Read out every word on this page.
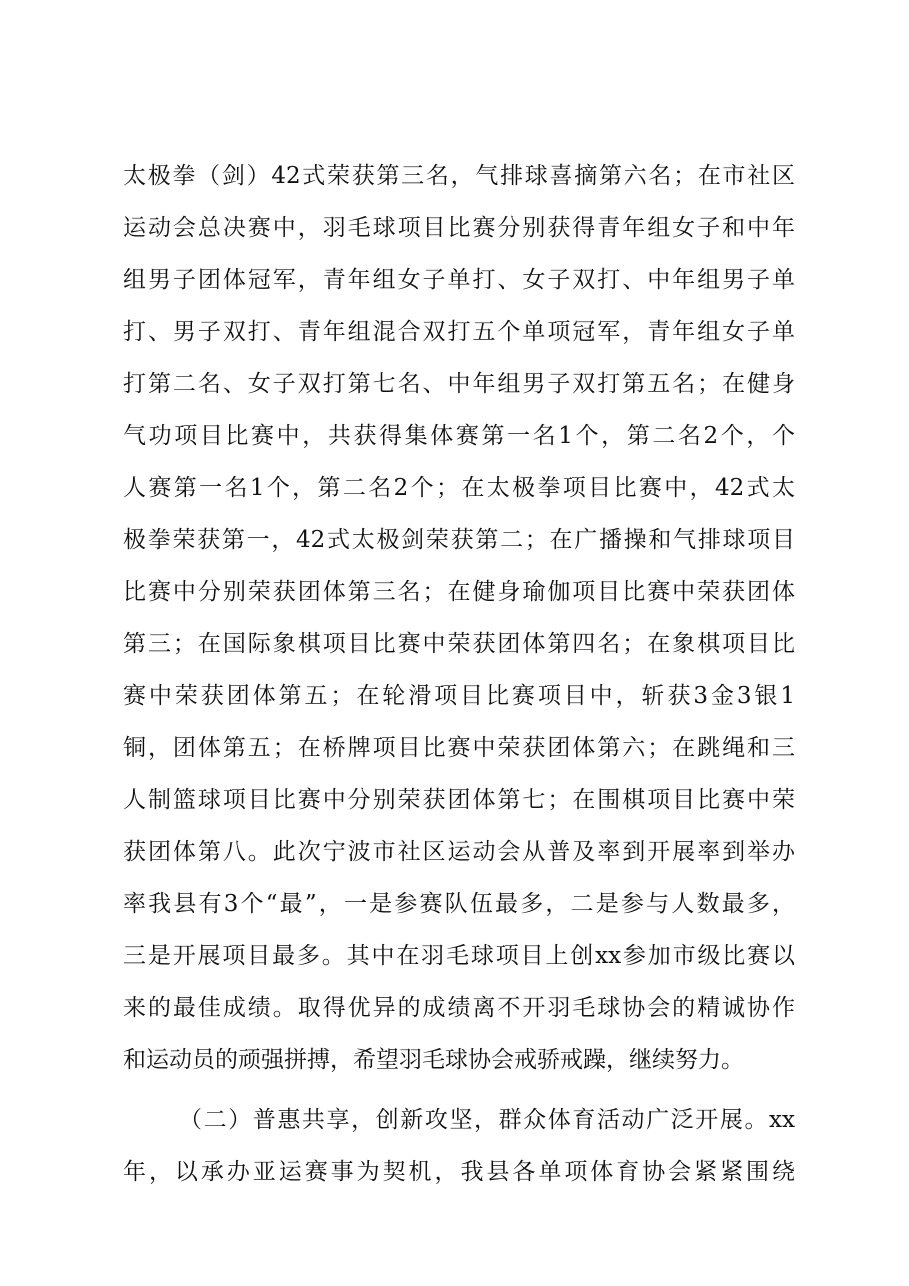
太极拳（剑）42式荣获第三名，气排球喜摘第六名；在市社区
运动会总决赛中，羽毛球项目比赛分别获得青年组女子和中年
组男子团体冠军，青年组女子单打、女子双打、中年组男子单
打、男子双打、青年组混合双打五个单项冠军，青年组女子单
打第二名、女子双打第七名、中年组男子双打第五名；在健身
气功项目比赛中，共获得集体赛第一名1个，第二名2个，个
人赛第一名1个，第二名2个；在太极拳项目比赛中，42式太
极拳荣获第一，42式太极剑荣获第二；在广播操和气排球项目
比赛中分别荣获团体第三名；在健身瑜伽项目比赛中荣获团体
第三；在国际象棋项目比赛中荣获团体第四名；在象棋项目比
赛中荣获团体第五；在轮滑项目比赛项目中，斩获3金3银1
铜，团体第五；在桥牌项目比赛中荣获团体第六；在跳绳和三
人制篮球项目比赛中分别荣获团体第七；在围棋项目比赛中荣
获团体第八。此次宁波市社区运动会从普及率到开展率到举办
率我县有3个“最”，一是参赛队伍最多，二是参与人数最多，
三是开展项目最多。其中在羽毛球项目上创xx参加市级比赛以
来的最佳成绩。取得优异的成绩离不开羽毛球协会的精诚协作
和运动员的顽强拼搏，希望羽毛球协会戒骄戒躁，继续努力。
（二）普惠共享，创新攻坚，群众体育活动广泛开展。xx
年，以承办亚运赛事为契机，我县各单项体育协会紧紧围绕
